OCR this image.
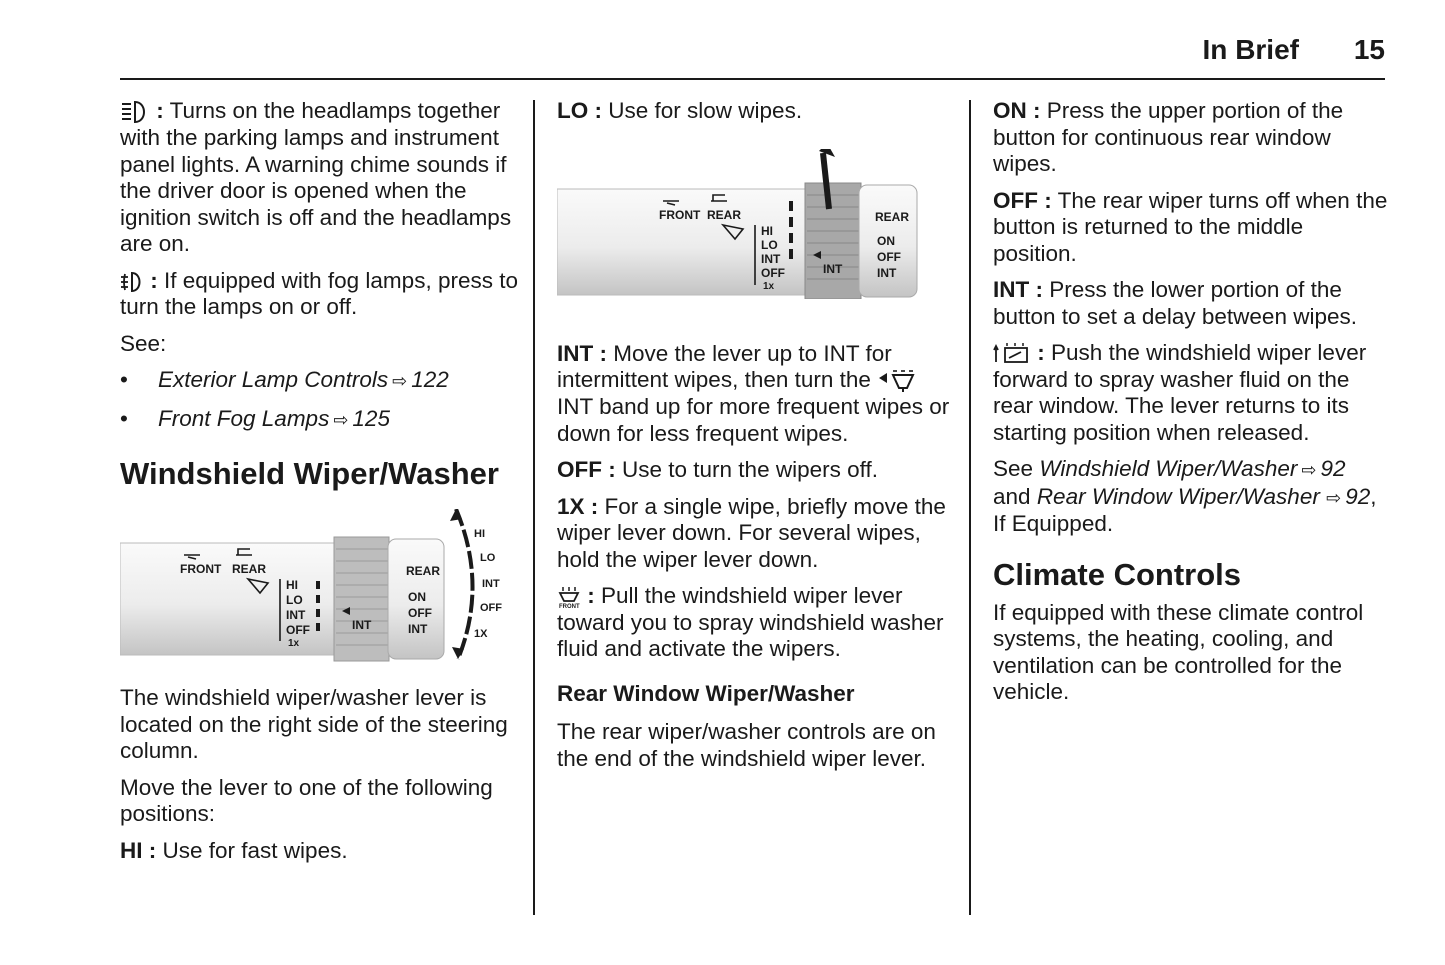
In Brief 15

: Turns on the headlamps together with the parking lamps and instrument panel lights. A warning chime sounds if the driver door is opened when the ignition switch is off and the headlamps are on.

: If equipped with fog lamps, press to turn the lamps on or off.

See:

• Exterior Lamp Controls ⇨ 122
• Front Fog Lamps ⇨ 125
Windshield Wiper/Washer
FRONT REAR
HI
LO
INT
OFF
1x
INT
REAR
ON
OFF
INT
HI
LO
INT
OFF
1X

The windshield wiper/washer lever is located on the right side of the steering column.

Move the lever to one of the following positions:

HI : Use for fast wipes.

LO : Use for slow wipes.

FRONT REAR
HI
LO
INT
OFF
1x
INT
REAR
ON
OFF
INT

INT : Move the lever up to INT for intermittent wipes, then turn the  INT band up for more frequent wipes or down for less frequent wipes.

OFF : Use to turn the wipers off.

1X : For a single wipe, briefly move the wiper lever down. For several wipes, hold the wiper lever down.

FRONT : Pull the windshield wiper lever toward you to spray windshield washer fluid and activate the wipers.

Rear Window Wiper/Washer

The rear wiper/washer controls are on the end of the windshield wiper lever.

ON : Press the upper portion of the button for continuous rear window wipes.

OFF : The rear wiper turns off when the button is returned to the middle position.

INT : Press the lower portion of the button to set a delay between wipes.

: Push the windshield wiper lever forward to spray washer fluid on the rear window. The lever returns to its starting position when released.

See Windshield Wiper/Washer ⇨ 92 and Rear Window Wiper/Washer ⇨ 92, If Equipped.

Climate Controls

If equipped with these climate control systems, the heating, cooling, and ventilation can be controlled for the vehicle.
